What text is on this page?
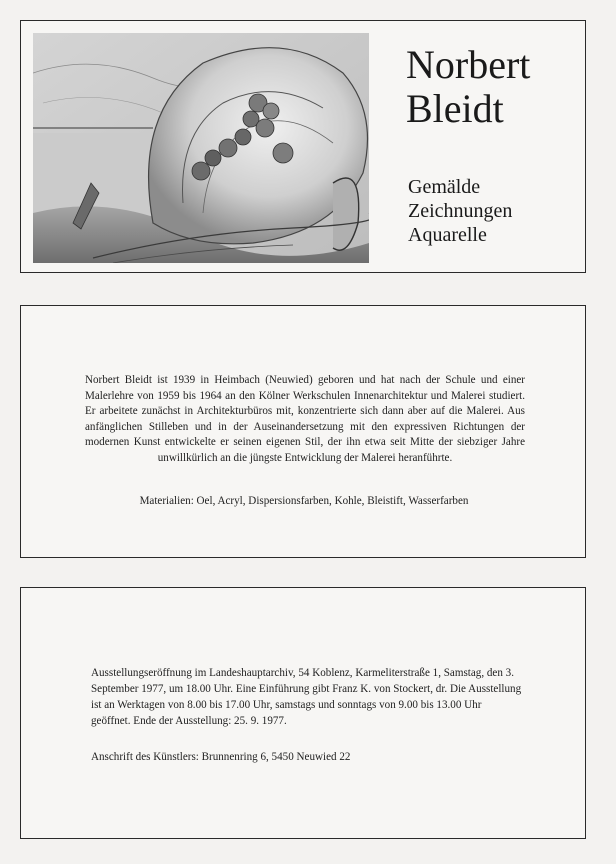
Norbert
Bleidt
Gemälde
Zeichnungen
Aquarelle

Norbert Bleidt ist 1939 in Heimbach (Neuwied) geboren und hat nach der Schule und einer Malerlehre von 1959 bis 1964 an den Kölner Werkschulen Innenarchitektur und Malerei studiert. Er arbeitete zunächst in Architekturbüros mit, konzentrierte sich dann aber auf die Malerei. Aus anfänglichen Stilleben und in der Auseinandersetzung mit den expressiven Richtungen der modernen Kunst entwickelte er seinen eigenen Stil, der ihn etwa seit Mitte der siebziger Jahre unwillkürlich an die jüngste Entwicklung der Malerei heranführte.

Materialien: Oel, Acryl, Dispersionsfarben, Kohle, Bleistift, Wasserfarben

Ausstellungseröffnung im Landeshauptarchiv, 54 Koblenz, Karmeliterstraße 1, Samstag, den 3. September 1977, um 18.00 Uhr. Eine Einführung gibt Franz K. von Stockert, dr. Die Ausstellung ist an Werktagen von 8.00 bis 17.00 Uhr, samstags und sonntags von 9.00 bis 13.00 Uhr geöffnet. Ende der Ausstellung: 25. 9. 1977.

Anschrift des Künstlers: Brunnenring 6, 5450 Neuwied 22
